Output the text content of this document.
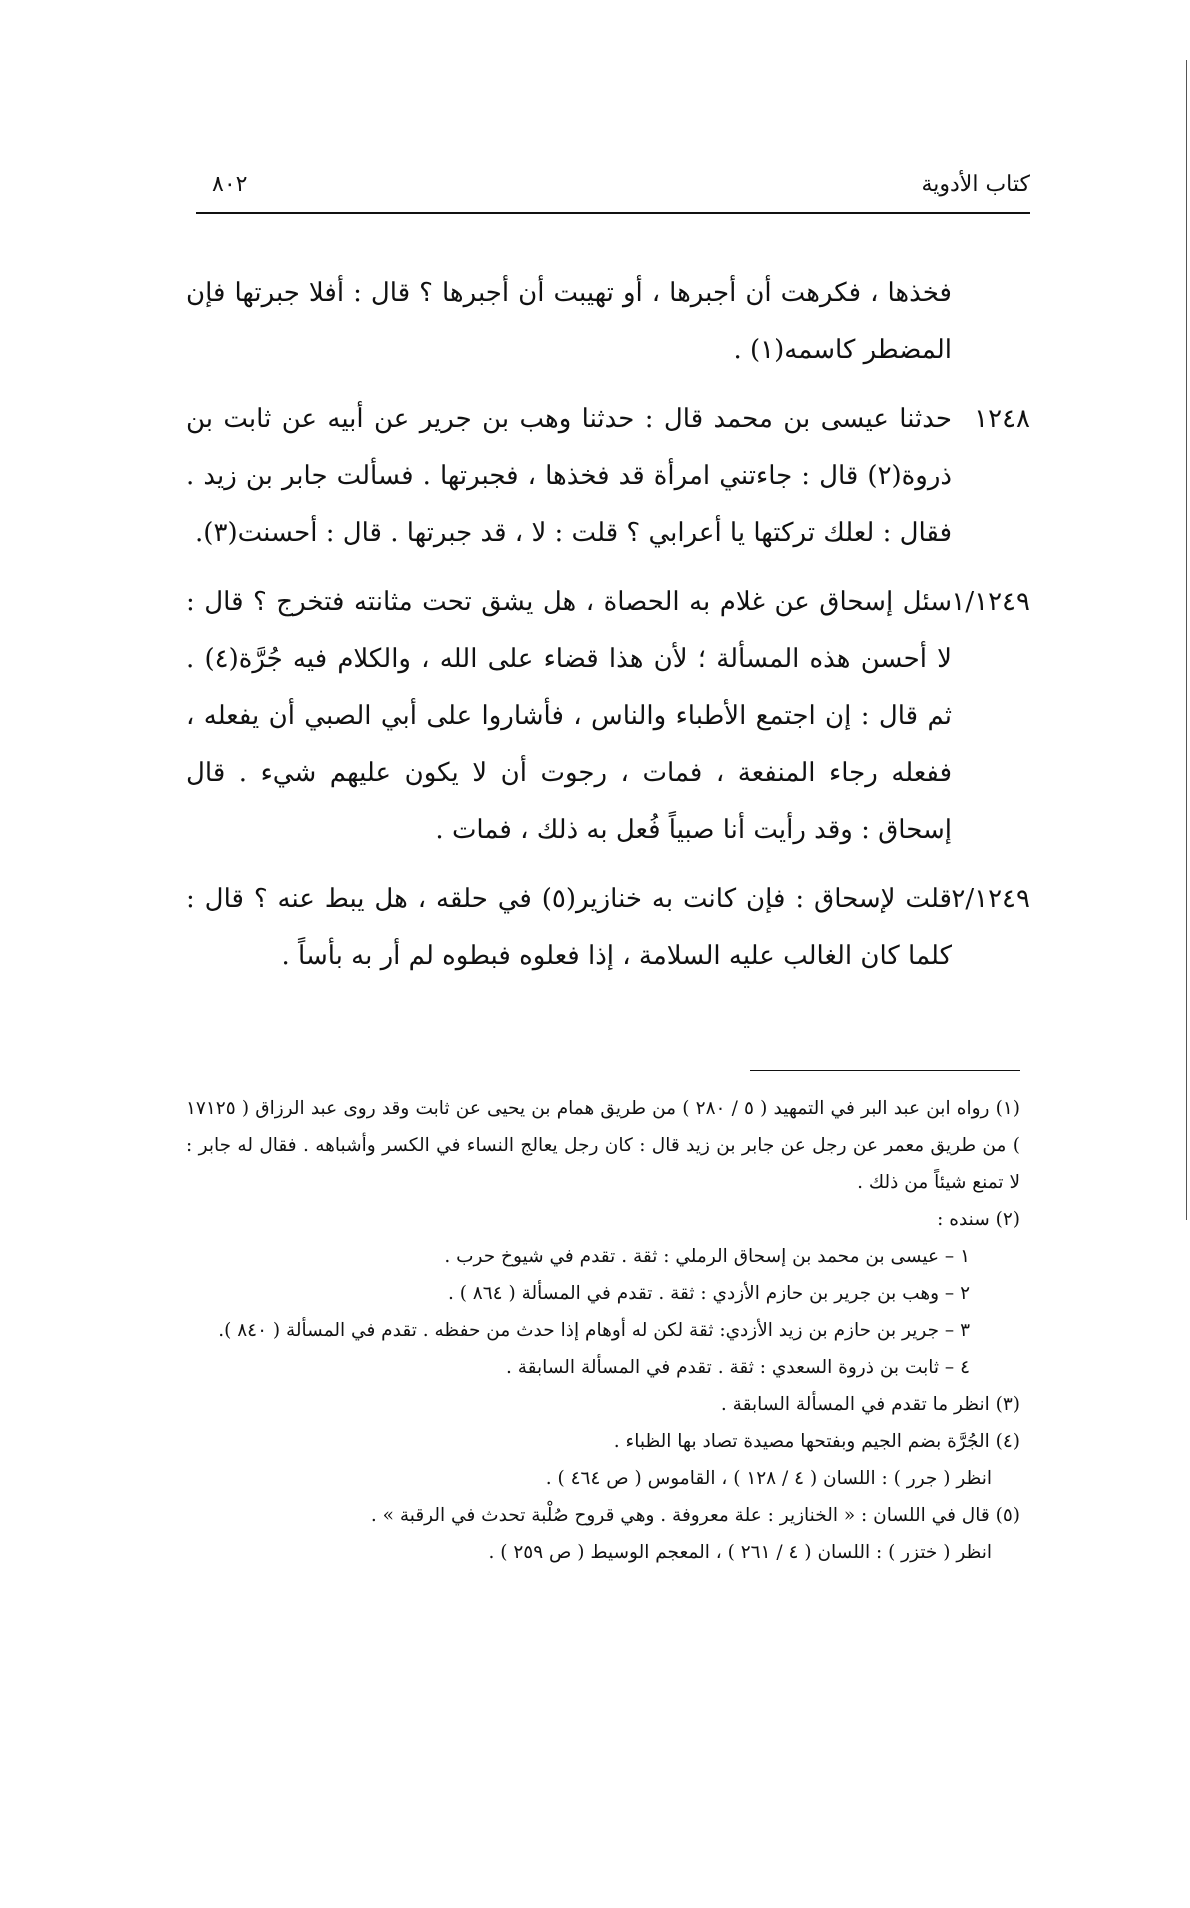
كتاب الأدوية
٨٠٢

فخذها ، فكرهت أن أجبرها ، أو تهيبت أن أجبرها ؟ قال : أفلا جبرتها فإن المضطر كاسمه(١) .

١٢٤٨
حدثنا عيسى بن محمد قال : حدثنا وهب بن جرير عن أبيه عن ثابت بن ذروة(٢) قال : جاءتني امرأة قد فخذها ، فجبرتها . فسألت جابر بن زيد . فقال : لعلك تركتها يا أعرابي ؟ قلت : لا ، قد جبرتها . قال : أحسنت(٣).
١/١٢٤٩
سئل إسحاق عن غلام به الحصاة ، هل يشق تحت مثانته فتخرج ؟ قال : لا أحسن هذه المسألة ؛ لأن هذا قضاء على الله ، والكلام فيه جُرَّة(٤) . ثم قال : إن اجتمع الأطباء والناس ، فأشاروا على أبي الصبي أن يفعله ، ففعله رجاء المنفعة ، فمات ، رجوت أن لا يكون عليهم شيء . قال إسحاق : وقد رأيت أنا صبياً فُعل به ذلك ، فمات .
٢/١٢٤٩
قلت لإسحاق : فإن كانت به خنازير(٥) في حلقه ، هل يبط عنه ؟ قال : كلما كان الغالب عليه السلامة ، إذا فعلوه فبطوه لم أر به بأساً .
(١) رواه ابن عبد البر في التمهيد ( ٥ / ٢٨٠ ) من طريق همام بن يحيى عن ثابت وقد روى عبد الرزاق ( ١٧١٢٥ ) من طريق معمر عن رجل عن جابر بن زيد قال : كان رجل يعالج النساء في الكسر وأشباهه . فقال له جابر : لا تمنع شيئاً من ذلك .
(٢) سنده :
١ – عيسى بن محمد بن إسحاق الرملي : ثقة . تقدم في شيوخ حرب .
٢ – وهب بن جرير بن حازم الأزدي : ثقة . تقدم في المسألة ( ٨٦٤ ) .
٣ – جرير بن حازم بن زيد الأزدي: ثقة لكن له أوهام إذا حدث من حفظه . تقدم في المسألة ( ٨٤٠ ).
٤ – ثابت بن ذروة السعدي : ثقة . تقدم في المسألة السابقة .
(٣) انظر ما تقدم في المسألة السابقة .
(٤) الجُرَّة بضم الجيم وبفتحها مصيدة تصاد بها الظباء .
انظر ( جرر ) : اللسان ( ٤ / ١٢٨ ) ، القاموس ( ص ٤٦٤ ) .
(٥) قال في اللسان : « الخنازير : علة معروفة . وهي قروح صُلْبة تحدث في الرقبة » .
انظر ( ختزر ) : اللسان ( ٤ / ٢٦١ ) ، المعجم الوسيط ( ص ٢٥٩ ) .
